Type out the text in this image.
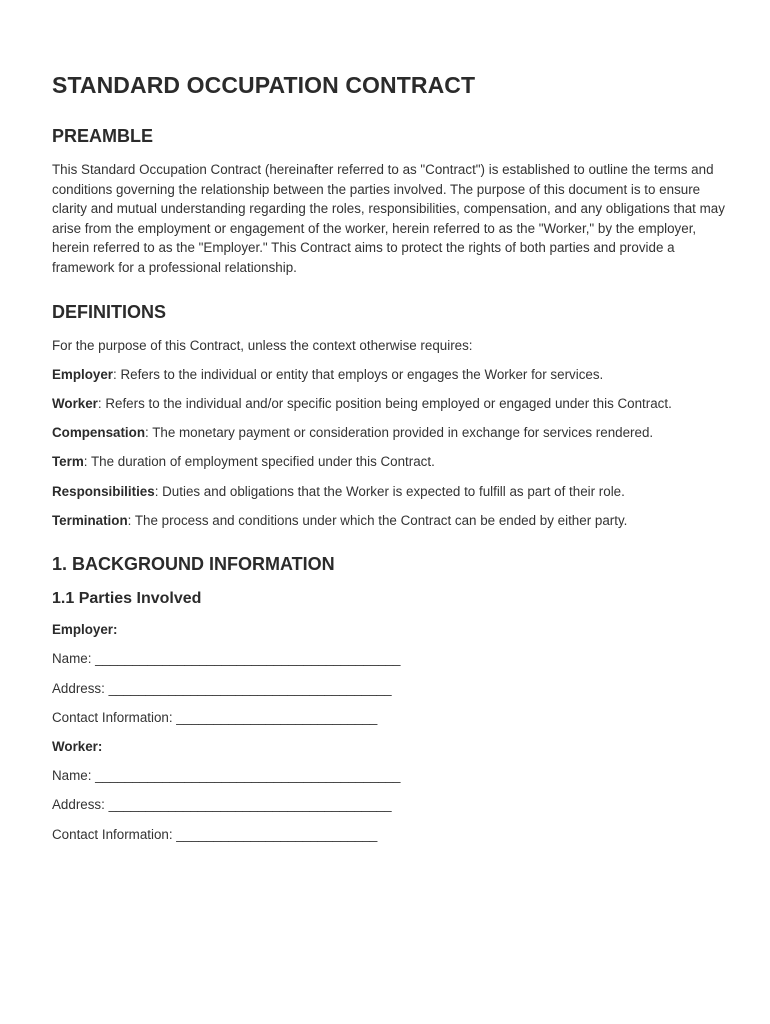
STANDARD OCCUPATION CONTRACT
PREAMBLE

This Standard Occupation Contract (hereinafter referred to as "Contract") is established to outline the terms and conditions governing the relationship between the parties involved. The purpose of this document is to ensure clarity and mutual understanding regarding the roles, responsibilities, compensation, and any obligations that may arise from the employment or engagement of the worker, herein referred to as the "Worker," by the employer, herein referred to as the "Employer." This Contract aims to protect the rights of both parties and provide a framework for a professional relationship.

DEFINITIONS

For the purpose of this Contract, unless the context otherwise requires:

Employer: Refers to the individual or entity that employs or engages the Worker for services.

Worker: Refers to the individual and/or specific position being employed or engaged under this Contract.

Compensation: The monetary payment or consideration provided in exchange for services rendered.

Term: The duration of employment specified under this Contract.

Responsibilities: Duties and obligations that the Worker is expected to fulfill as part of their role.

Termination: The process and conditions under which the Contract can be ended by either party.

1. BACKGROUND INFORMATION
1.1 Parties Involved

Employer:

Name: _________________________________________

Address: ______________________________________

Contact Information: ___________________________

Worker:

Name: _________________________________________

Address: ______________________________________

Contact Information: ___________________________
